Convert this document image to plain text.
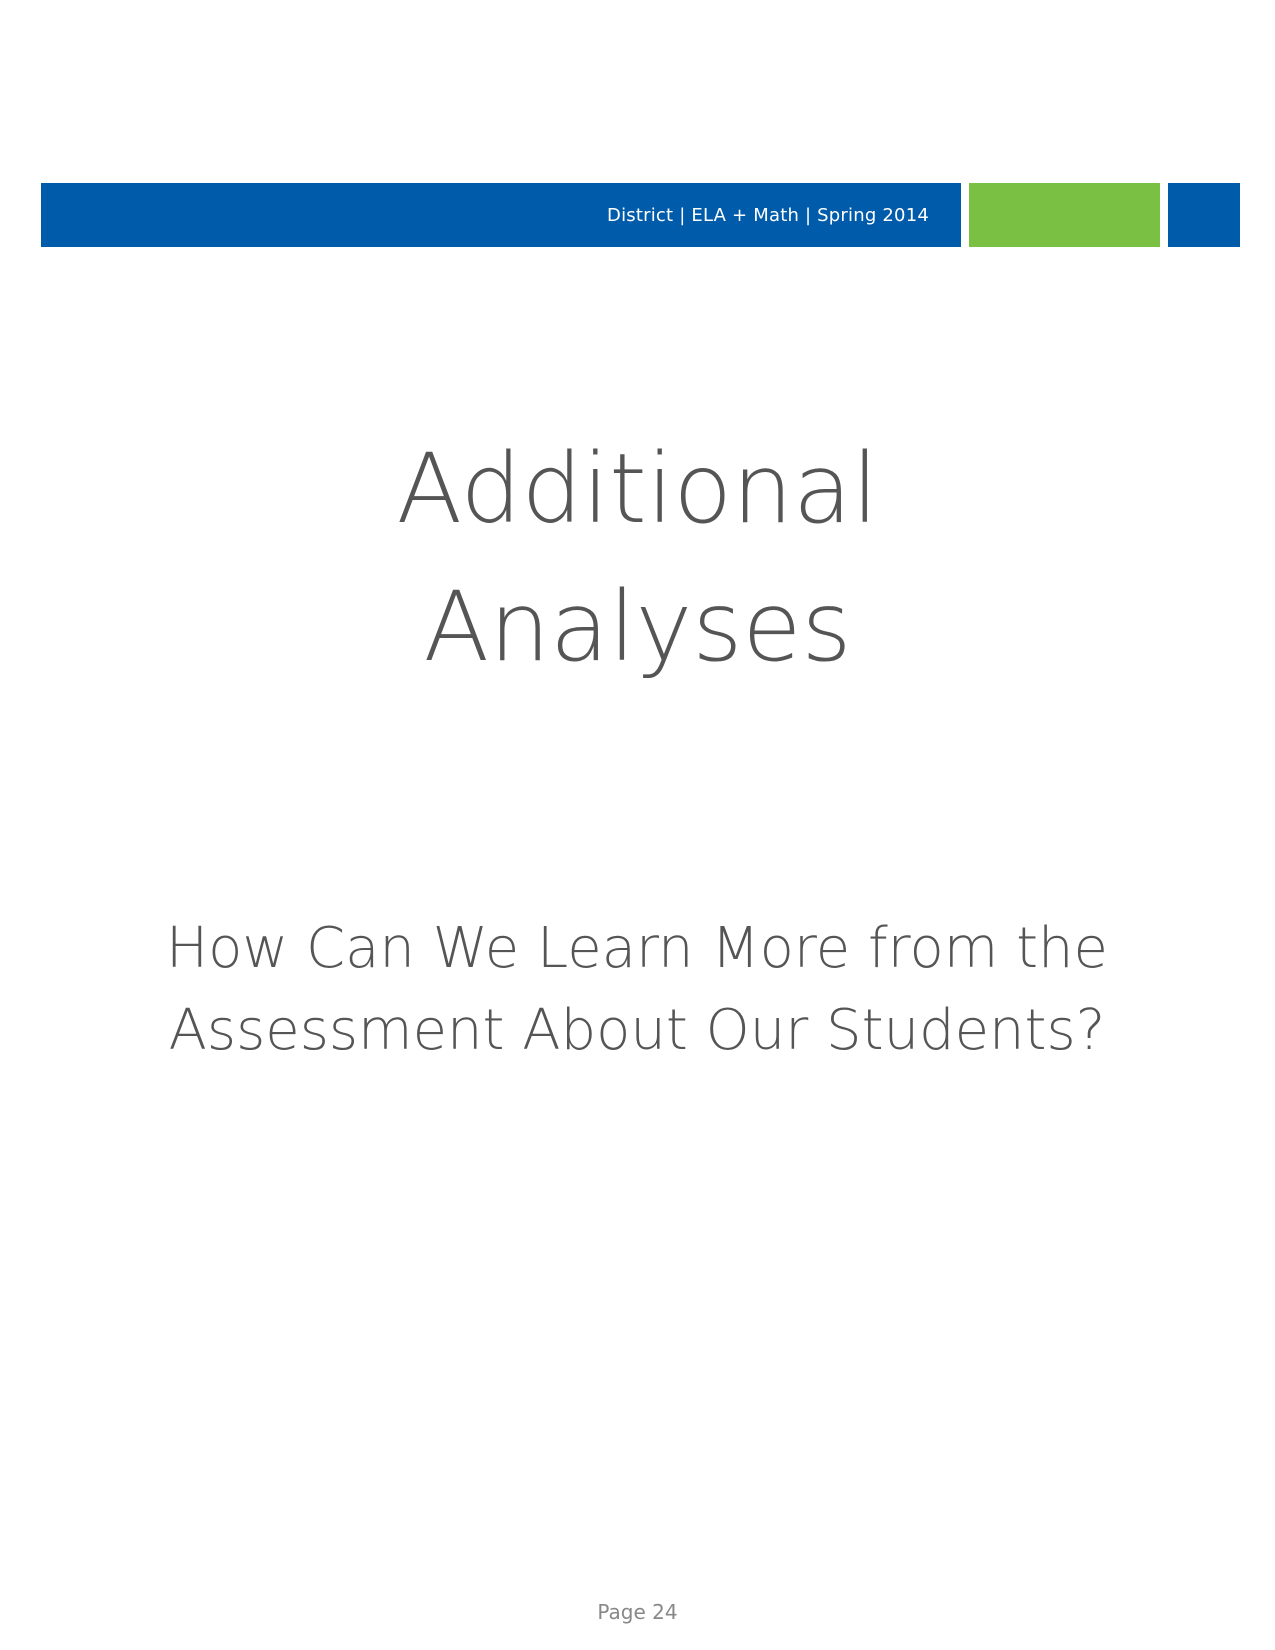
District | ELA + Math | Spring 2014
Additional
Analyses

How Can We Learn More from the Assessment About Our Students?

Page 24
